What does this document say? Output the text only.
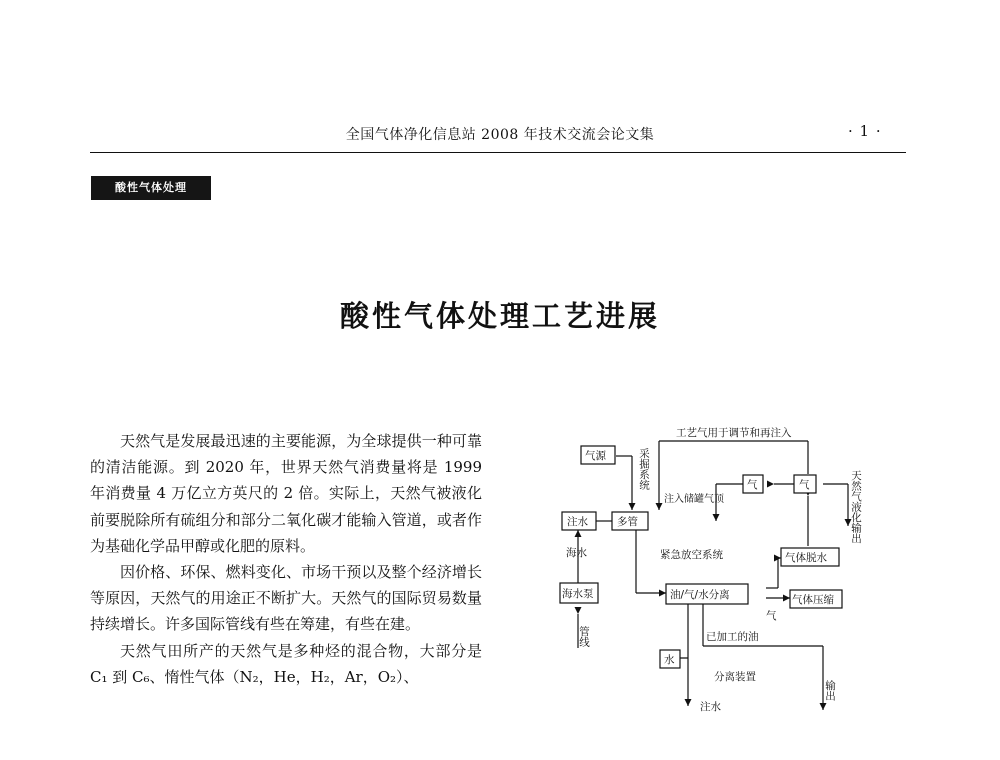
全国气体净化信息站 2008 年技术交流会论文集	· 1 ·
酸性气体处理
酸性气体处理工艺进展

天然气是发展最迅速的主要能源，为全球提供一种可靠的清洁能源。到 2020 年，世界天然气消费量将是 1999 年消费量 4 万亿立方英尺的 2 倍。实际上，天然气被液化前要脱除所有硫组分和部分二氧化碳才能输入管道，或者作为基础化学品甲醇或化肥的原料。

因价格、环保、燃料变化、市场干预以及整个经济增长等原因，天然气的用途正不断扩大。天然气的国际贸易数量持续增长。许多国际管线有些在筹建，有些在建。

天然气田所产的天然气是多种烃的混合物，大部分是 C₁ 到 C₆、惰性气体（N₂，He，H₂，Ar，O₂）、

工艺气用于调节和再注入
气源	采掘系统
注水	多管
海水
海水泵
管线
气	气
注入储罐气顶	天然气液化输出
紧急放空系统	气体脱水
油/气/水分离	气体压缩
气
已加工的油
水
分离装置
输出
注水
